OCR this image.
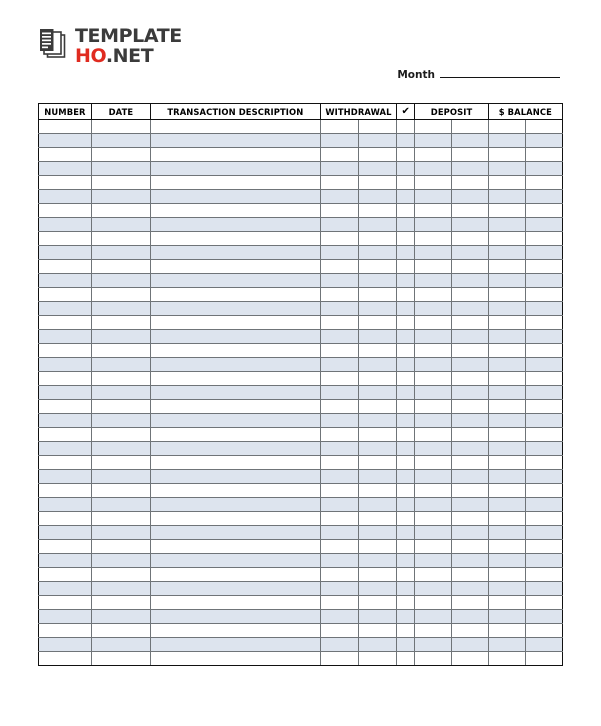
TEMPLATE
HO.NET
Month
NUMBER	DATE	TRANSACTION DESCRIPTION	WITHDRAWAL		✔	DEPOSIT		$ BALANCE	
